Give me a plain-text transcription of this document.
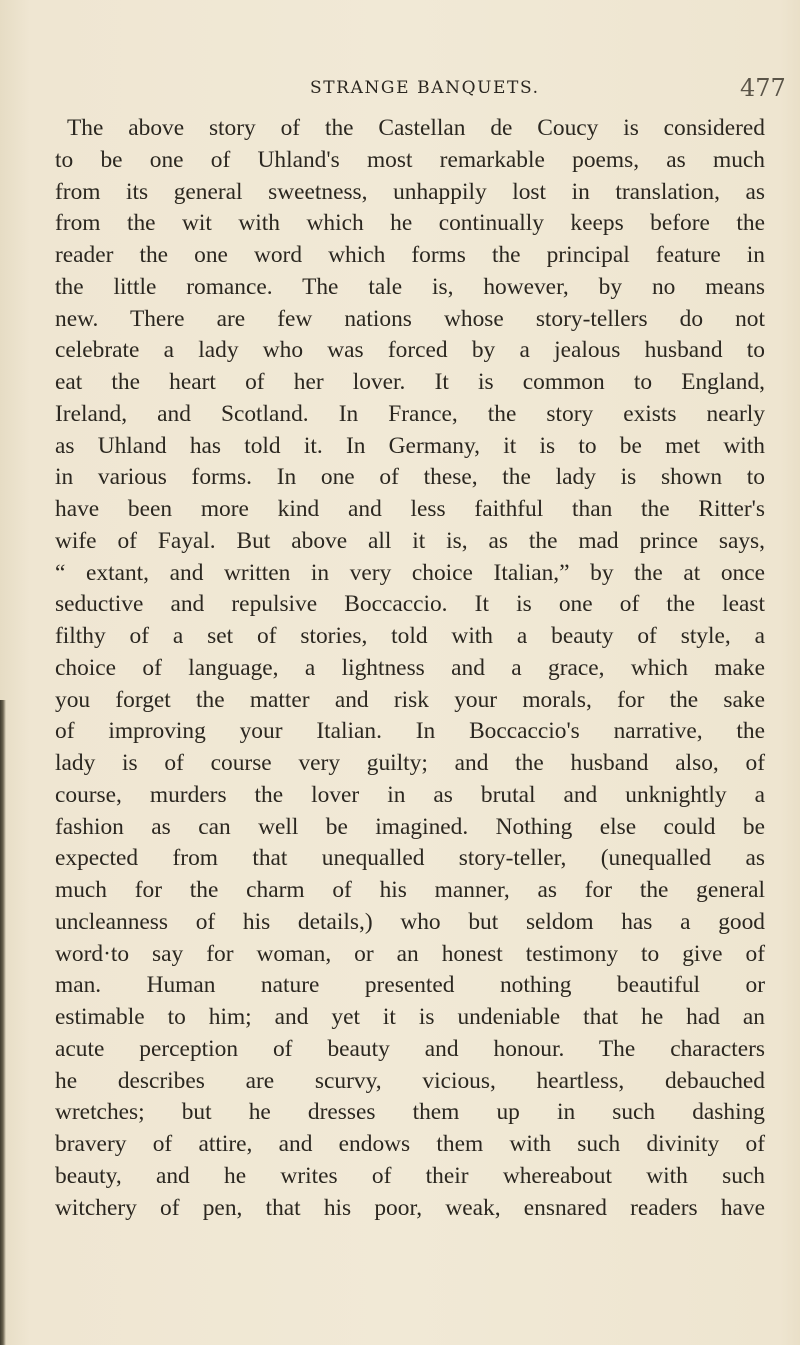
STRANGE BANQUETS.	477
The above story of the Castellan de Coucy is considered
to be one of Uhland's most remarkable poems, as much
from its general sweetness, unhappily lost in translation, as
from the wit with which he continually keeps before the
reader the one word which forms the principal feature in
the little romance. The tale is, however, by no means
new. There are few nations whose story-tellers do not
celebrate a lady who was forced by a jealous husband to
eat the heart of her lover. It is common to England,
Ireland, and Scotland. In France, the story exists nearly
as Uhland has told it. In Germany, it is to be met with
in various forms. In one of these, the lady is shown to
have been more kind and less faithful than the Ritter's
wife of Fayal. But above all it is, as the mad prince says,
“ extant, and written in very choice Italian,” by the at once
seductive and repulsive Boccaccio. It is one of the least
filthy of a set of stories, told with a beauty of style, a
choice of language, a lightness and a grace, which make
you forget the matter and risk your morals, for the sake
of improving your Italian. In Boccaccio's narrative, the
lady is of course very guilty; and the husband also, of
course, murders the lover in as brutal and unknightly a
fashion as can well be imagined. Nothing else could be
expected from that unequalled story-teller, (unequalled as
much for the charm of his manner, as for the general
uncleanness of his details,) who but seldom has a good
word·to say for woman, or an honest testimony to give of
man. Human nature presented nothing beautiful or
estimable to him; and yet it is undeniable that he had an
acute perception of beauty and honour. The characters
he describes are scurvy, vicious, heartless, debauched
wretches; but he dresses them up in such dashing
bravery of attire, and endows them with such divinity of
beauty, and he writes of their whereabout with such
witchery of pen, that his poor, weak, ensnared readers have
